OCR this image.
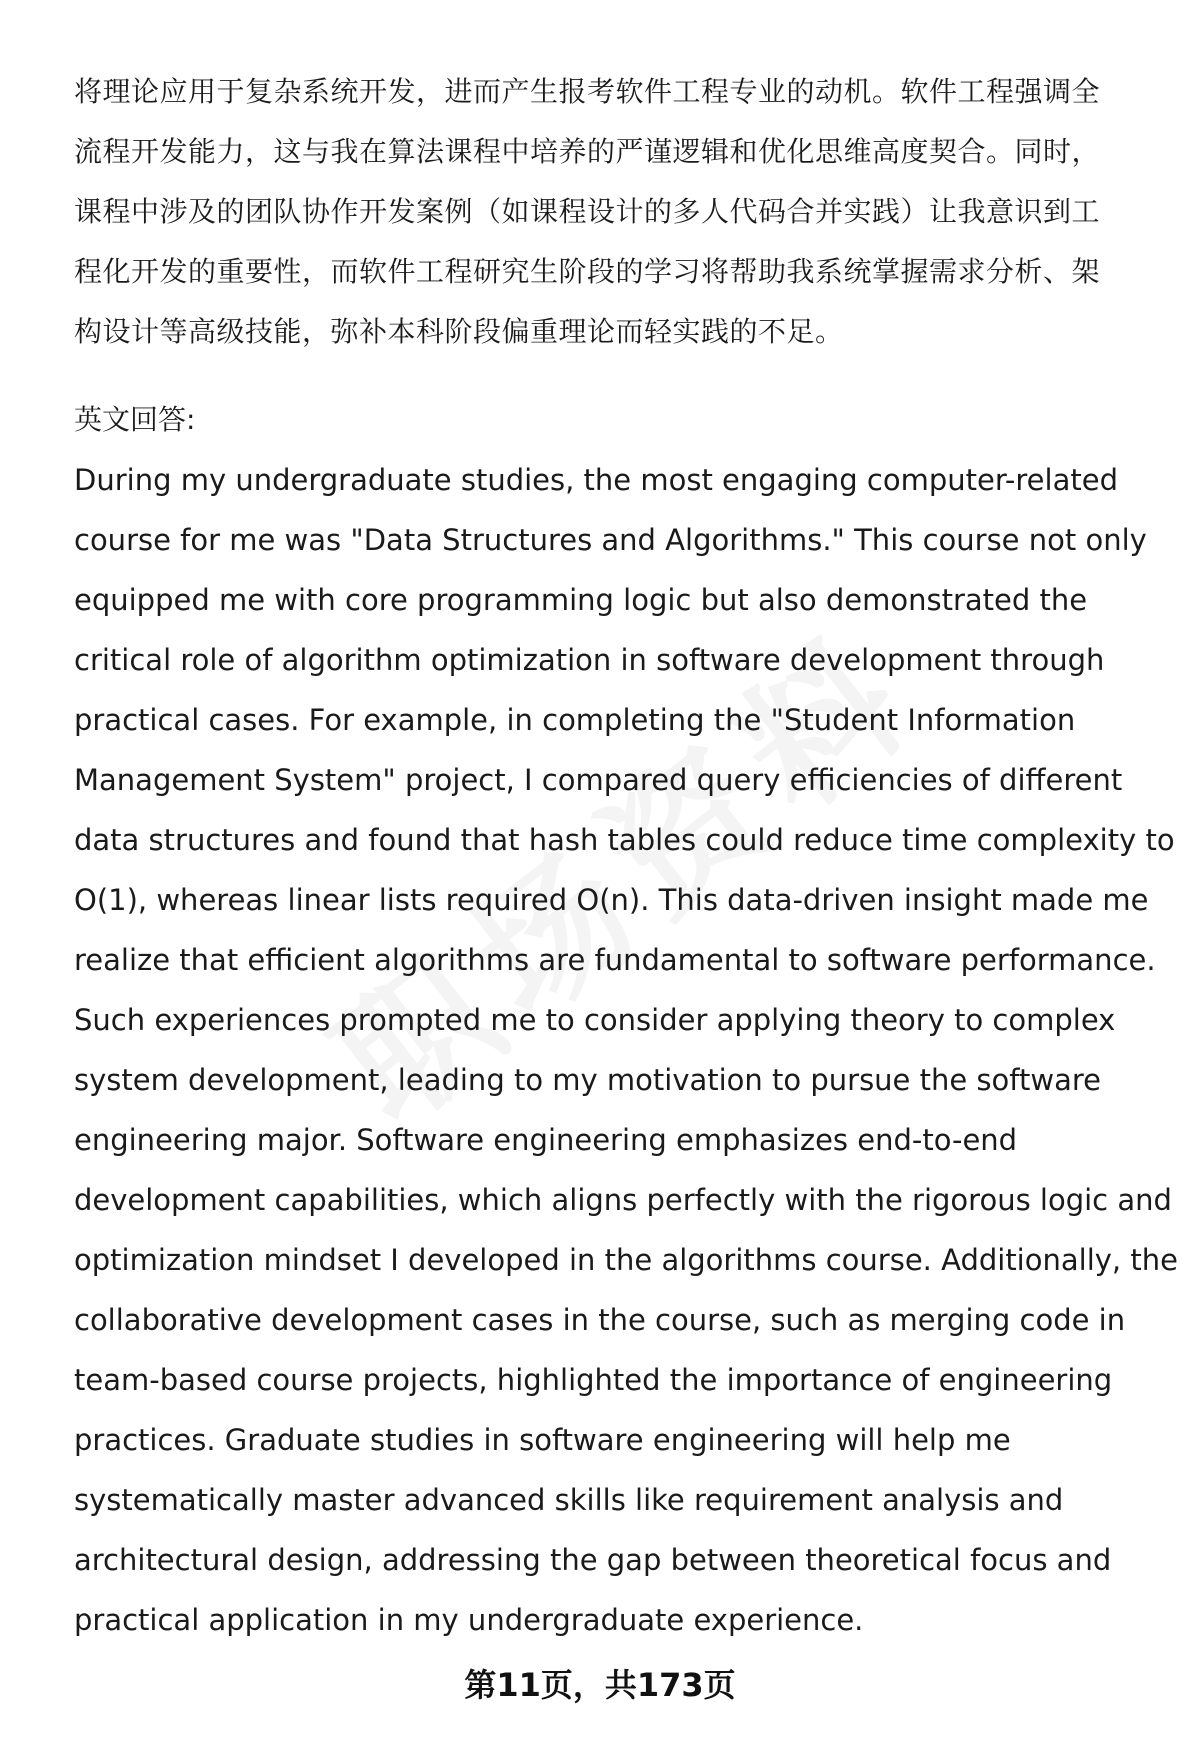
将理论应用于复杂系统开发，进而产生报考软件工程专业的动机。软件工程强调全
流程开发能力，这与我在算法课程中培养的严谨逻辑和优化思维高度契合。同时，
课程中涉及的团队协作开发案例（如课程设计的多人代码合并实践）让我意识到工
程化开发的重要性，而软件工程研究生阶段的学习将帮助我系统掌握需求分析、架
构设计等高级技能，弥补本科阶段偏重理论而轻实践的不足。
英文回答:
During my undergraduate studies, the most engaging computer-related
course for me was "Data Structures and Algorithms." This course not only
equipped me with core programming logic but also demonstrated the
critical role of algorithm optimization in software development through
practical cases. For example, in completing the "Student Information
Management System" project, I compared query efficiencies of different
data structures and found that hash tables could reduce time complexity to
O(1), whereas linear lists required O(n). This data-driven insight made me
realize that efficient algorithms are fundamental to software performance.
Such experiences prompted me to consider applying theory to complex
system development, leading to my motivation to pursue the software
engineering major. Software engineering emphasizes end-to-end
development capabilities, which aligns perfectly with the rigorous logic and
optimization mindset I developed in the algorithms course. Additionally, the
collaborative development cases in the course, such as merging code in
team-based course projects, highlighted the importance of engineering
practices. Graduate studies in software engineering will help me
systematically master advanced skills like requirement analysis and
architectural design, addressing the gap between theoretical focus and
practical application in my undergraduate experience.
第11页，共173页
